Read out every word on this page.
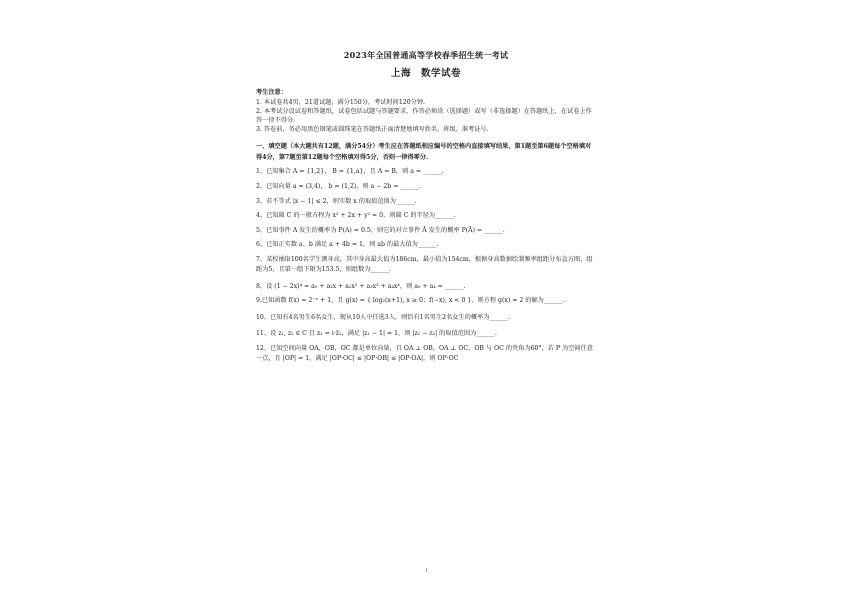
2023年全国普通高等学校春季招生统一考试
上海　数学试卷
考生注意：
1. 本试卷共4页，21道试题，满分150分，考试时间120分钟.
2. 本考试分设试卷和答题纸，试卷包括试题与答题要求，作答必须涂（选择题）或写（非选择题）在答题纸上，在试卷上作答一律不得分.
3. 答卷前，务必用黑色钢笔或圆珠笔在答题纸正面清楚地填写姓名、班级、准考证号.
一、填空题（本大题共有12题，满分54分）考生应在答题纸相应编号的空格内直接填写结果，第1题至第6题每个空格填对得4分，第7题至第12题每个空格填对得5分，否则一律得零分.
1、已知集合 A = {1,2}， B = {1,a}，且 A = B，则 a = ______.
2、已知向量 a = (3,4)， b = (1,2)，则 a − 2b = ______.
3、若不等式 |x − 1| ≤ 2，则实数 x 的取值范围为______.
4、已知圆 C 的一般方程为 x² + 2x + y² = 0，则圆 C 的半径为______.
5、已知事件 A 发生的概率为 P(A) = 0.5，则它的对立事件 Ā 发生的概率 P(Ā) = ______.
6、已知正实数 a、b 满足 a + 4b = 1，则 ab 的最大值为______.
7、某校抽取100名学生测身高，其中身高最大值为186cm，最小值为154cm，根据身高数据绘制频率组距分布直方图，组距为5，且第一组下限为153.5，则组数为______.
8、设 (1 − 2x)⁴ = a₀ + a₁x + a₂x² + a₃x³ + a₄x⁴，则 a₀ + a₄ = ______.
9.已知函数 f(x) = 2⁻ˣ + 1，且 g(x) = { log₂(x+1), x ≥ 0；f(−x), x < 0 }，则方程 g(x) = 2 的解为______.
10、已知有4名男生6名女生，现从10人中任选3人，则恰有1名男生2名女生的概率为______.
11、设 z₁, z₂ ∈ C 且 z₁ = i·z̄₂，满足 |z₁ − 1| = 1，则 |z₁ − z₂| 的取值范围为______.
12、已知空间向量 OA，OB，OC 都是单位向量，且 OA ⊥ OB，OA ⊥ OC，OB 与 OC 的夹角为60°，若 P 为空间任意一点，且 |OP| = 1，满足 |OP·OC| ≤ |OP·OB| ≤ |OP·OA|，则 OP·OC
1
